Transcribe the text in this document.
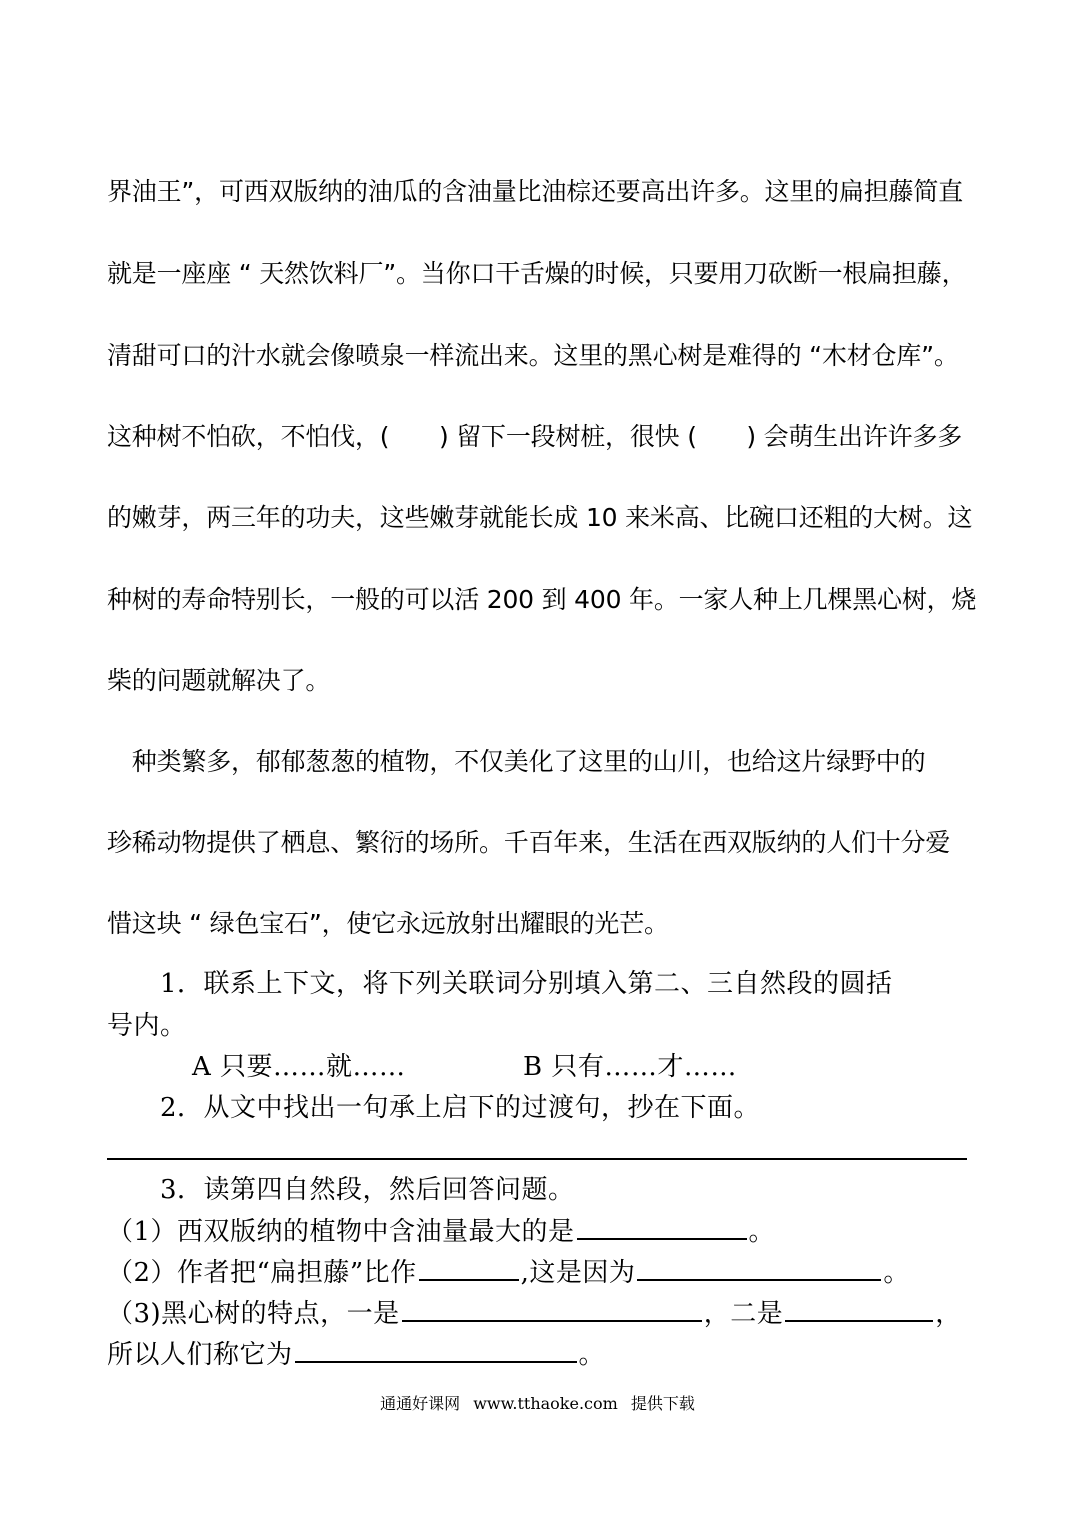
界油王”，可西双版纳的油瓜的含油量比油棕还要高出许多。这里的扁担藤简直
就是一座座 “ 天然饮料厂”。当你口干舌燥的时候，只要用刀砍断一根扁担藤，
清甜可口的汁水就会像喷泉一样流出来。这里的黑心树是难得的 “木材仓库”。
这种树不怕砍，不怕伐，(　　) 留下一段树桩，很快 (　　) 会萌生出许许多多
的嫩芽，两三年的功夫，这些嫩芽就能长成 10 来米高、比碗口还粗的大树。这
种树的寿命特别长，一般的可以活 200 到 400 年。一家人种上几棵黑心树，烧
柴的问题就解决了。
　种类繁多，郁郁葱葱的植物，不仅美化了这里的山川，也给这片绿野中的
珍稀动物提供了栖息、繁衍的场所。千百年来，生活在西双版纳的人们十分爱
惜这块 “ 绿色宝石”，使它永远放射出耀眼的光芒。
　　1．联系上下文，将下列关联词分别填入第二、三自然段的圆括
号内。
A 只要……就……	B 只有……才……
　　2．从文中找出一句承上启下的过渡句，抄在下面。
　　3．读第四自然段，然后回答问题。
（1）西双版纳的植物中含油量最大的是	。
（2）作者把“扁担藤”比作	,这是因为	。
（3)黑心树的特点，一是	，二是	，
所以人们称它为	。
通通好课网 www.tthaoke.com 提供下载
